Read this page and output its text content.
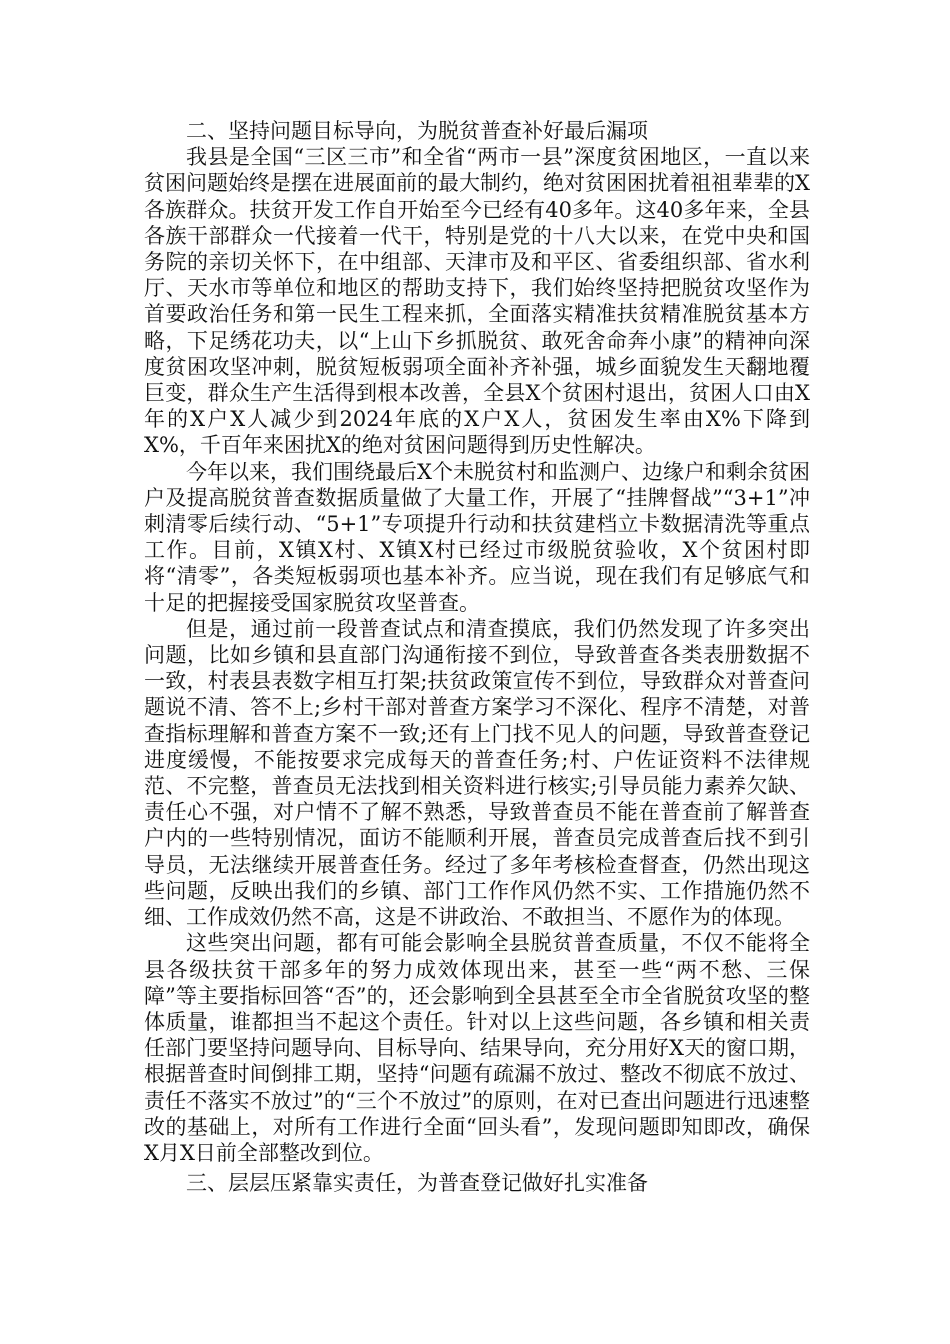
二、坚持问题目标导向，为脱贫普查补好最后漏项

我县是全国“三区三市”和全省“两市一县”深度贫困地区，一直以来贫困问题始终是摆在进展面前的最大制约，绝对贫困困扰着祖祖辈辈的X各族群众。扶贫开发工作自开始至今已经有40多年。这40多年来，全县各族干部群众一代接着一代干，特别是党的十八大以来，在党中央和国务院的亲切关怀下，在中组部、天津市及和平区、省委组织部、省水利厅、天水市等单位和地区的帮助支持下，我们始终坚持把脱贫攻坚作为首要政治任务和第一民生工程来抓，全面落实精准扶贫精准脱贫基本方略，下足绣花功夫，以“上山下乡抓脱贫、敢死舍命奔小康”的精神向深度贫困攻坚冲刺，脱贫短板弱项全面补齐补强，城乡面貌发生天翻地覆巨变，群众生产生活得到根本改善，全县X个贫困村退出，贫困人口由X年的X户X人减少到2024年底的X户X人，贫困发生率由X%下降到X%，千百年来困扰X的绝对贫困问题得到历史性解决。

今年以来，我们围绕最后X个未脱贫村和监测户、边缘户和剩余贫困户及提高脱贫普查数据质量做了大量工作，开展了“挂牌督战”“3+1”冲刺清零后续行动、“5+1”专项提升行动和扶贫建档立卡数据清洗等重点工作。目前，X镇X村、X镇X村已经过市级脱贫验收，X个贫困村即将“清零”，各类短板弱项也基本补齐。应当说，现在我们有足够底气和十足的把握接受国家脱贫攻坚普查。

但是，通过前一段普查试点和清查摸底，我们仍然发现了许多突出问题，比如乡镇和县直部门沟通衔接不到位，导致普查各类表册数据不一致，村表县表数字相互打架;扶贫政策宣传不到位，导致群众对普查问题说不清、答不上;乡村干部对普查方案学习不深化、程序不清楚，对普查指标理解和普查方案不一致;还有上门找不见人的问题，导致普查登记进度缓慢，不能按要求完成每天的普查任务;村、户佐证资料不法律规范、不完整，普查员无法找到相关资料进行核实;引导员能力素养欠缺、责任心不强，对户情不了解不熟悉，导致普查员不能在普查前了解普查户内的一些特别情况，面访不能顺利开展，普查员完成普查后找不到引导员，无法继续开展普查任务。经过了多年考核检查督查，仍然出现这些问题，反映出我们的乡镇、部门工作作风仍然不实、工作措施仍然不细、工作成效仍然不高，这是不讲政治、不敢担当、不愿作为的体现。

这些突出问题，都有可能会影响全县脱贫普查质量，不仅不能将全县各级扶贫干部多年的努力成效体现出来，甚至一些“两不愁、三保障”等主要指标回答“否”的，还会影响到全县甚至全市全省脱贫攻坚的整体质量，谁都担当不起这个责任。针对以上这些问题，各乡镇和相关责任部门要坚持问题导向、目标导向、结果导向，充分用好X天的窗口期，根据普查时间倒排工期，坚持“问题有疏漏不放过、整改不彻底不放过、责任不落实不放过”的“三个不放过”的原则，在对已查出问题进行迅速整改的基础上，对所有工作进行全面“回头看”，发现问题即知即改，确保X月X日前全部整改到位。

三、层层压紧靠实责任，为普查登记做好扎实准备
